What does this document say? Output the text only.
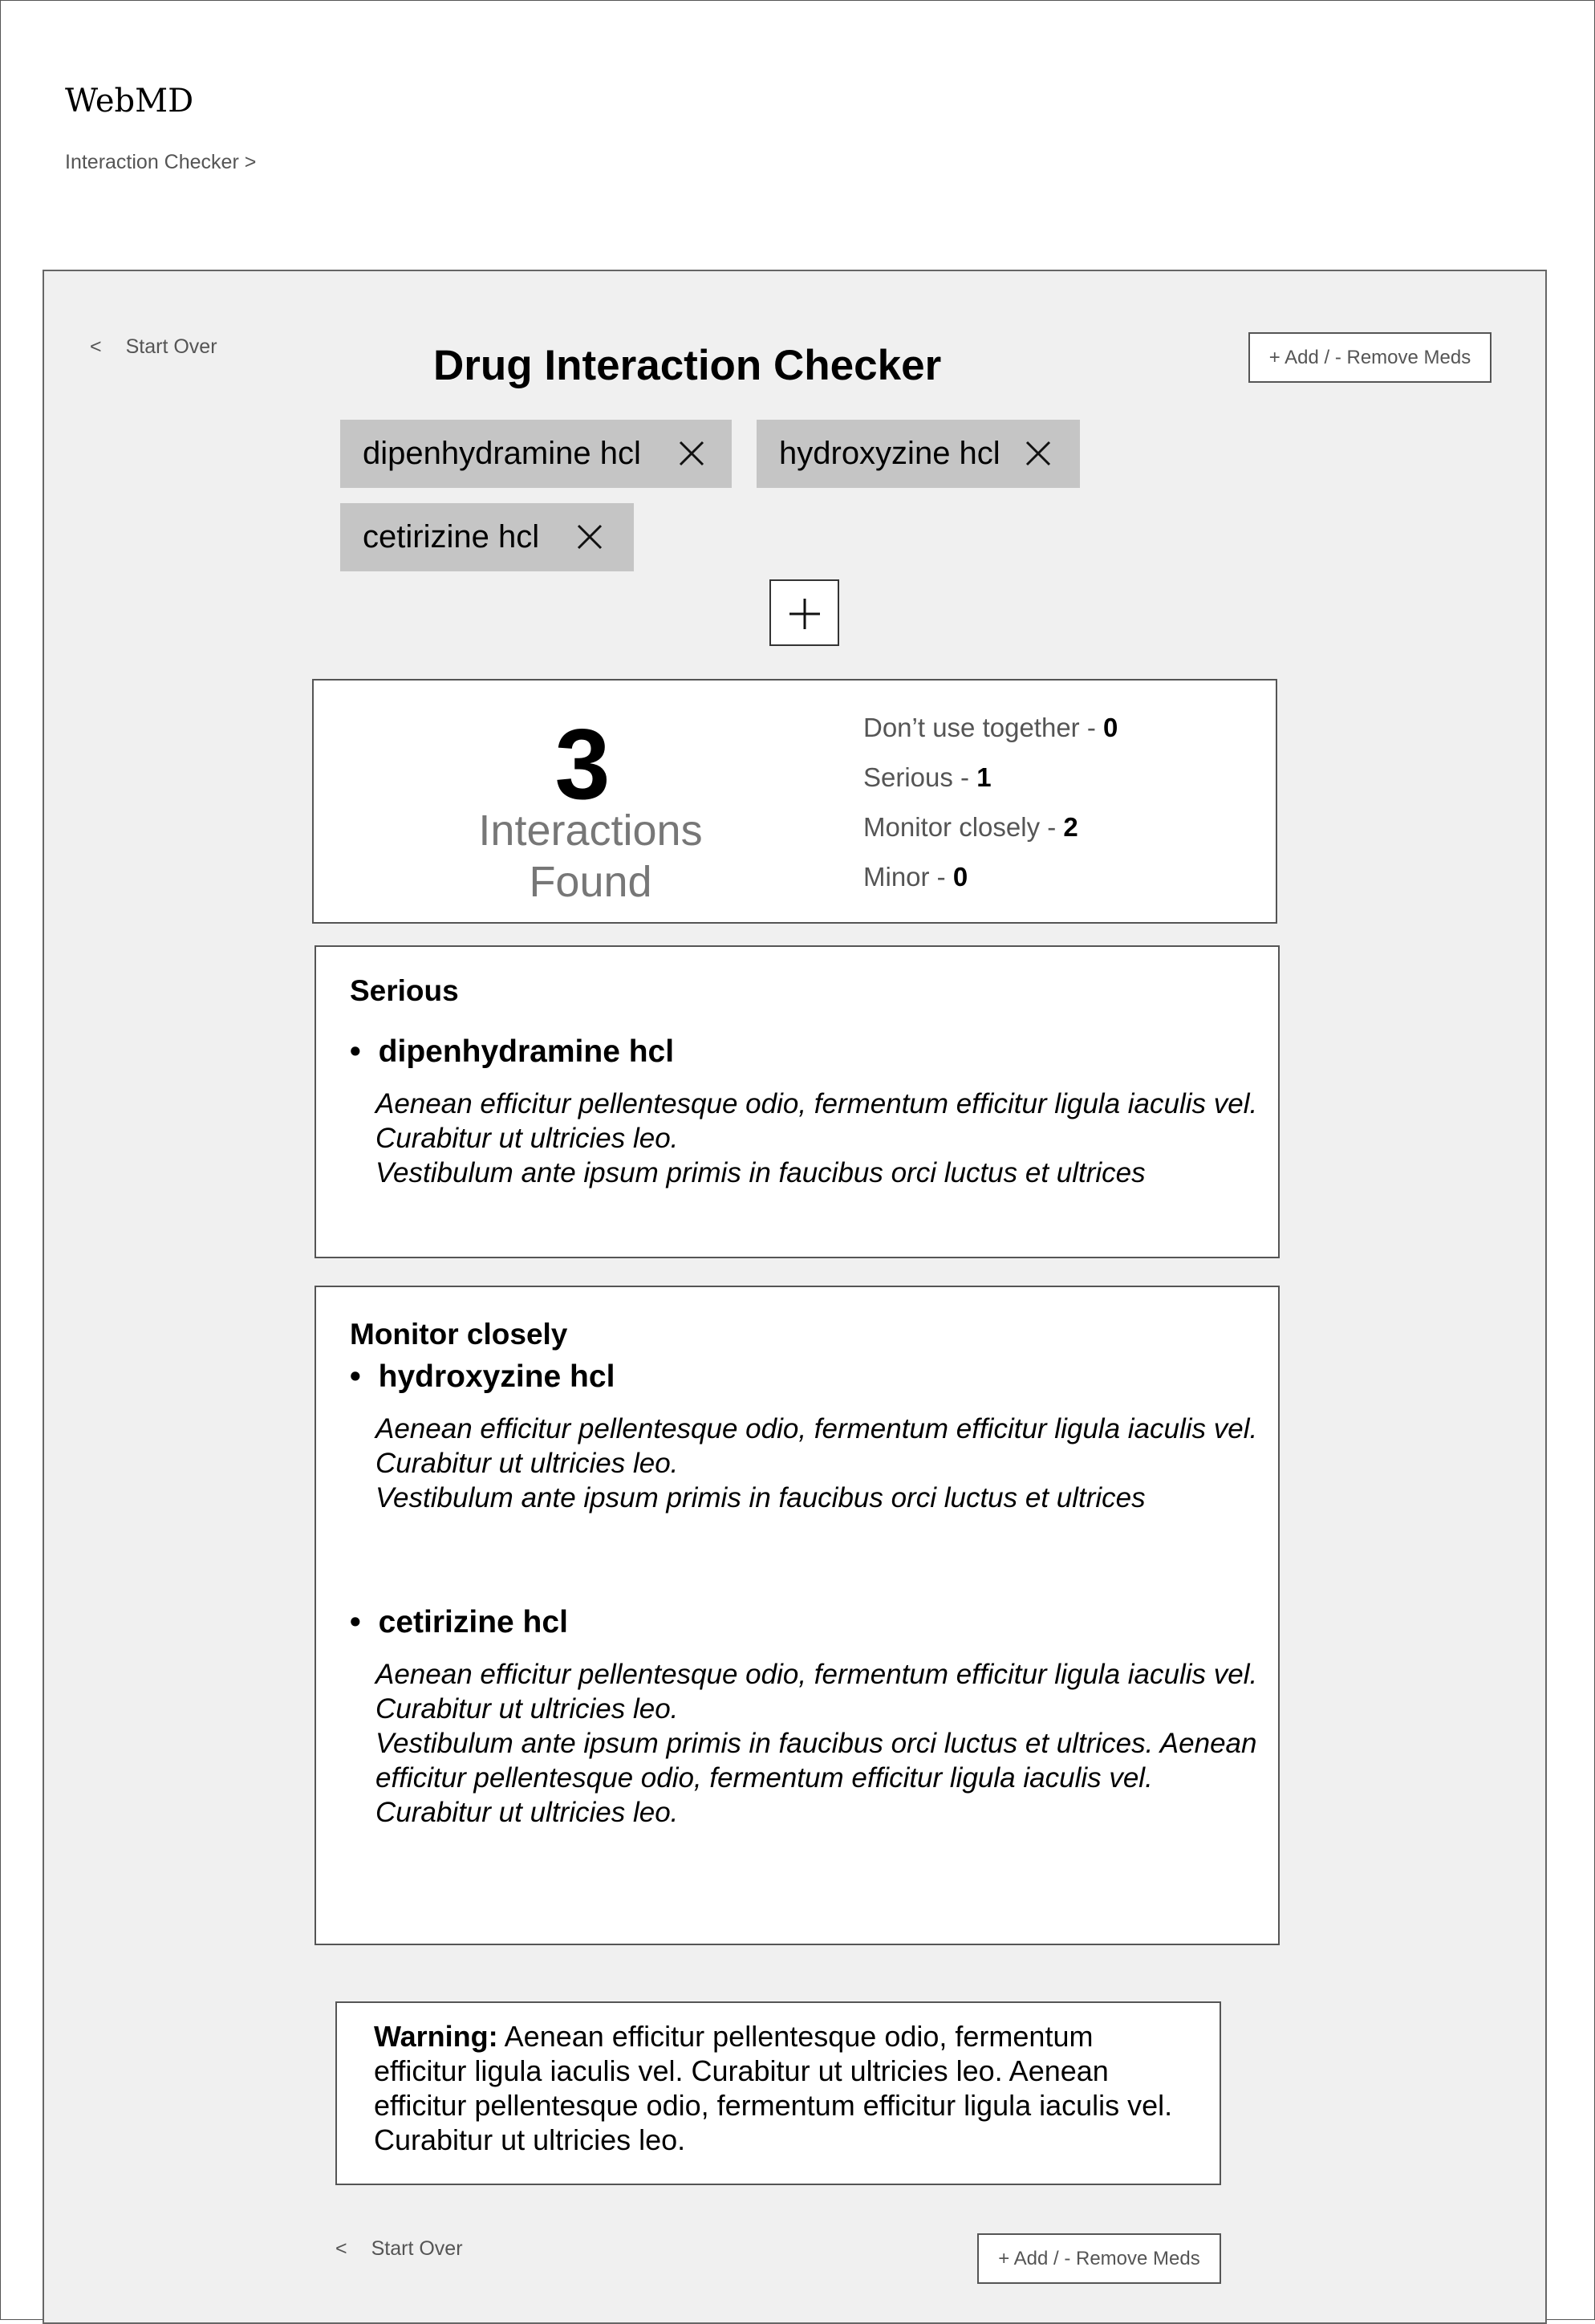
WebMD
Interaction Checker >
< Start Over	+ Add / - Remove Meds
Drug Interaction Checker
dipenhydramine hcl	hydroxyzine hcl
cetirizine hcl
3
Interactions
Found
Don’t use together - 0
Serious - 1
Monitor closely - 2
Minor - 0
Serious
• dipenhydramine hcl
Aenean efficitur pellentesque odio, fermentum efficitur ligula iaculis vel. Curabitur ut ultricies leo.
Vestibulum ante ipsum primis in faucibus orci luctus et ultrices
Monitor closely
• hydroxyzine hcl
Aenean efficitur pellentesque odio, fermentum efficitur ligula iaculis vel. Curabitur ut ultricies leo.
Vestibulum ante ipsum primis in faucibus orci luctus et ultrices
• cetirizine hcl
Aenean efficitur pellentesque odio, fermentum efficitur ligula iaculis vel. Curabitur ut ultricies leo.
Vestibulum ante ipsum primis in faucibus orci luctus et ultrices. Aenean efficitur pellentesque odio, fermentum efficitur ligula iaculis vel. Curabitur ut ultricies leo.
Warning: Aenean efficitur pellentesque odio, fermentum efficitur ligula iaculis vel. Curabitur ut ultricies leo. Aenean efficitur pellentesque odio, fermentum efficitur ligula iaculis vel. Curabitur ut ultricies leo.
< Start Over	+ Add / - Remove Meds
